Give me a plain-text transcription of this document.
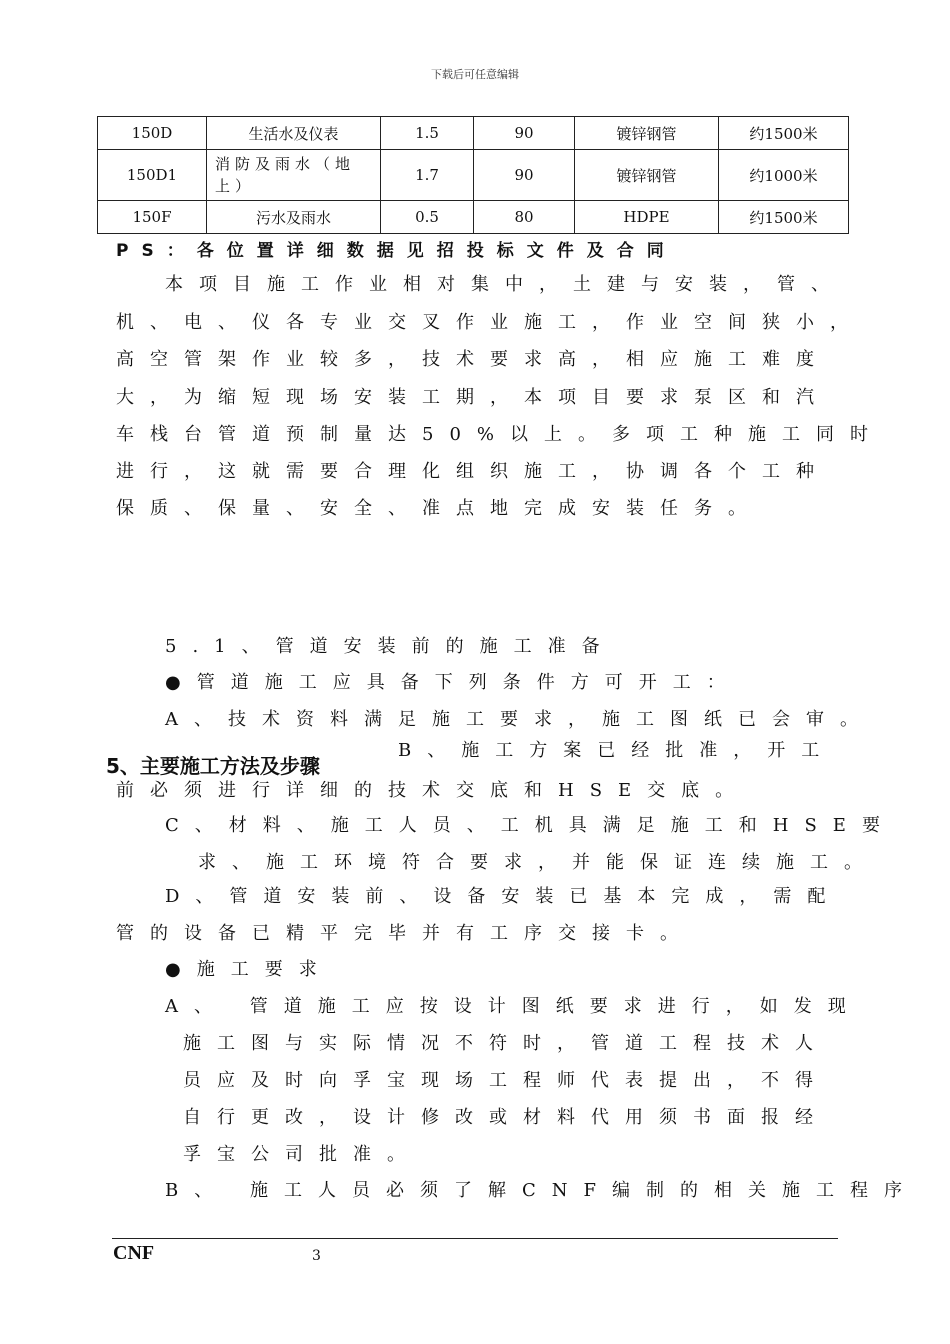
下载后可任意编辑
150D	生活水及仪表	1.5	90	镀锌钢管	约1500米
150D1	消防及雨水（地上）	1.7	90	镀锌钢管	约1000米
150F	污水及雨水	0.5	80	HDPE	约1500米
PS：各位置详细数据见招投标文件及合同
本项目施工作业相对集中，土建与安装，管、
机、电、仪各专业交叉作业施工，作业空间狭小，
高空管架作业较多，技术要求高，相应施工难度
大，为缩短现场安装工期，本项目要求泵区和汽
车栈台管道预制量达50%以上。多项工种施工同时
进行，这就需要合理化组织施工，协调各个工种
保质、保量、安全、准点地完成安装任务。
5.1、管道安装前的施工准备
●管道施工应具备下列条件方可开工：
A、技术资料满足施工要求，施工图纸已会审。
B、施工方案已经批准，开工
5、主要施工方法及步骤
前必须进行详细的技术交底和HSE交底。
C、材料、施工人员、工机具满足施工和HSE要
求、施工环境符合要求，并能保证连续施工。
D、管道安装前、设备安装已基本完成，需配
管的设备已精平完毕并有工序交接卡。
●施工要求
A、 管道施工应按设计图纸要求进行，如发现
施工图与实际情况不符时，管道工程技术人
员应及时向孚宝现场工程师代表提出，不得
自行更改，设计修改或材料代用须书面报经
孚宝公司批准。
B、 施工人员必须了解CNF编制的相关施工程序
CNF	3
